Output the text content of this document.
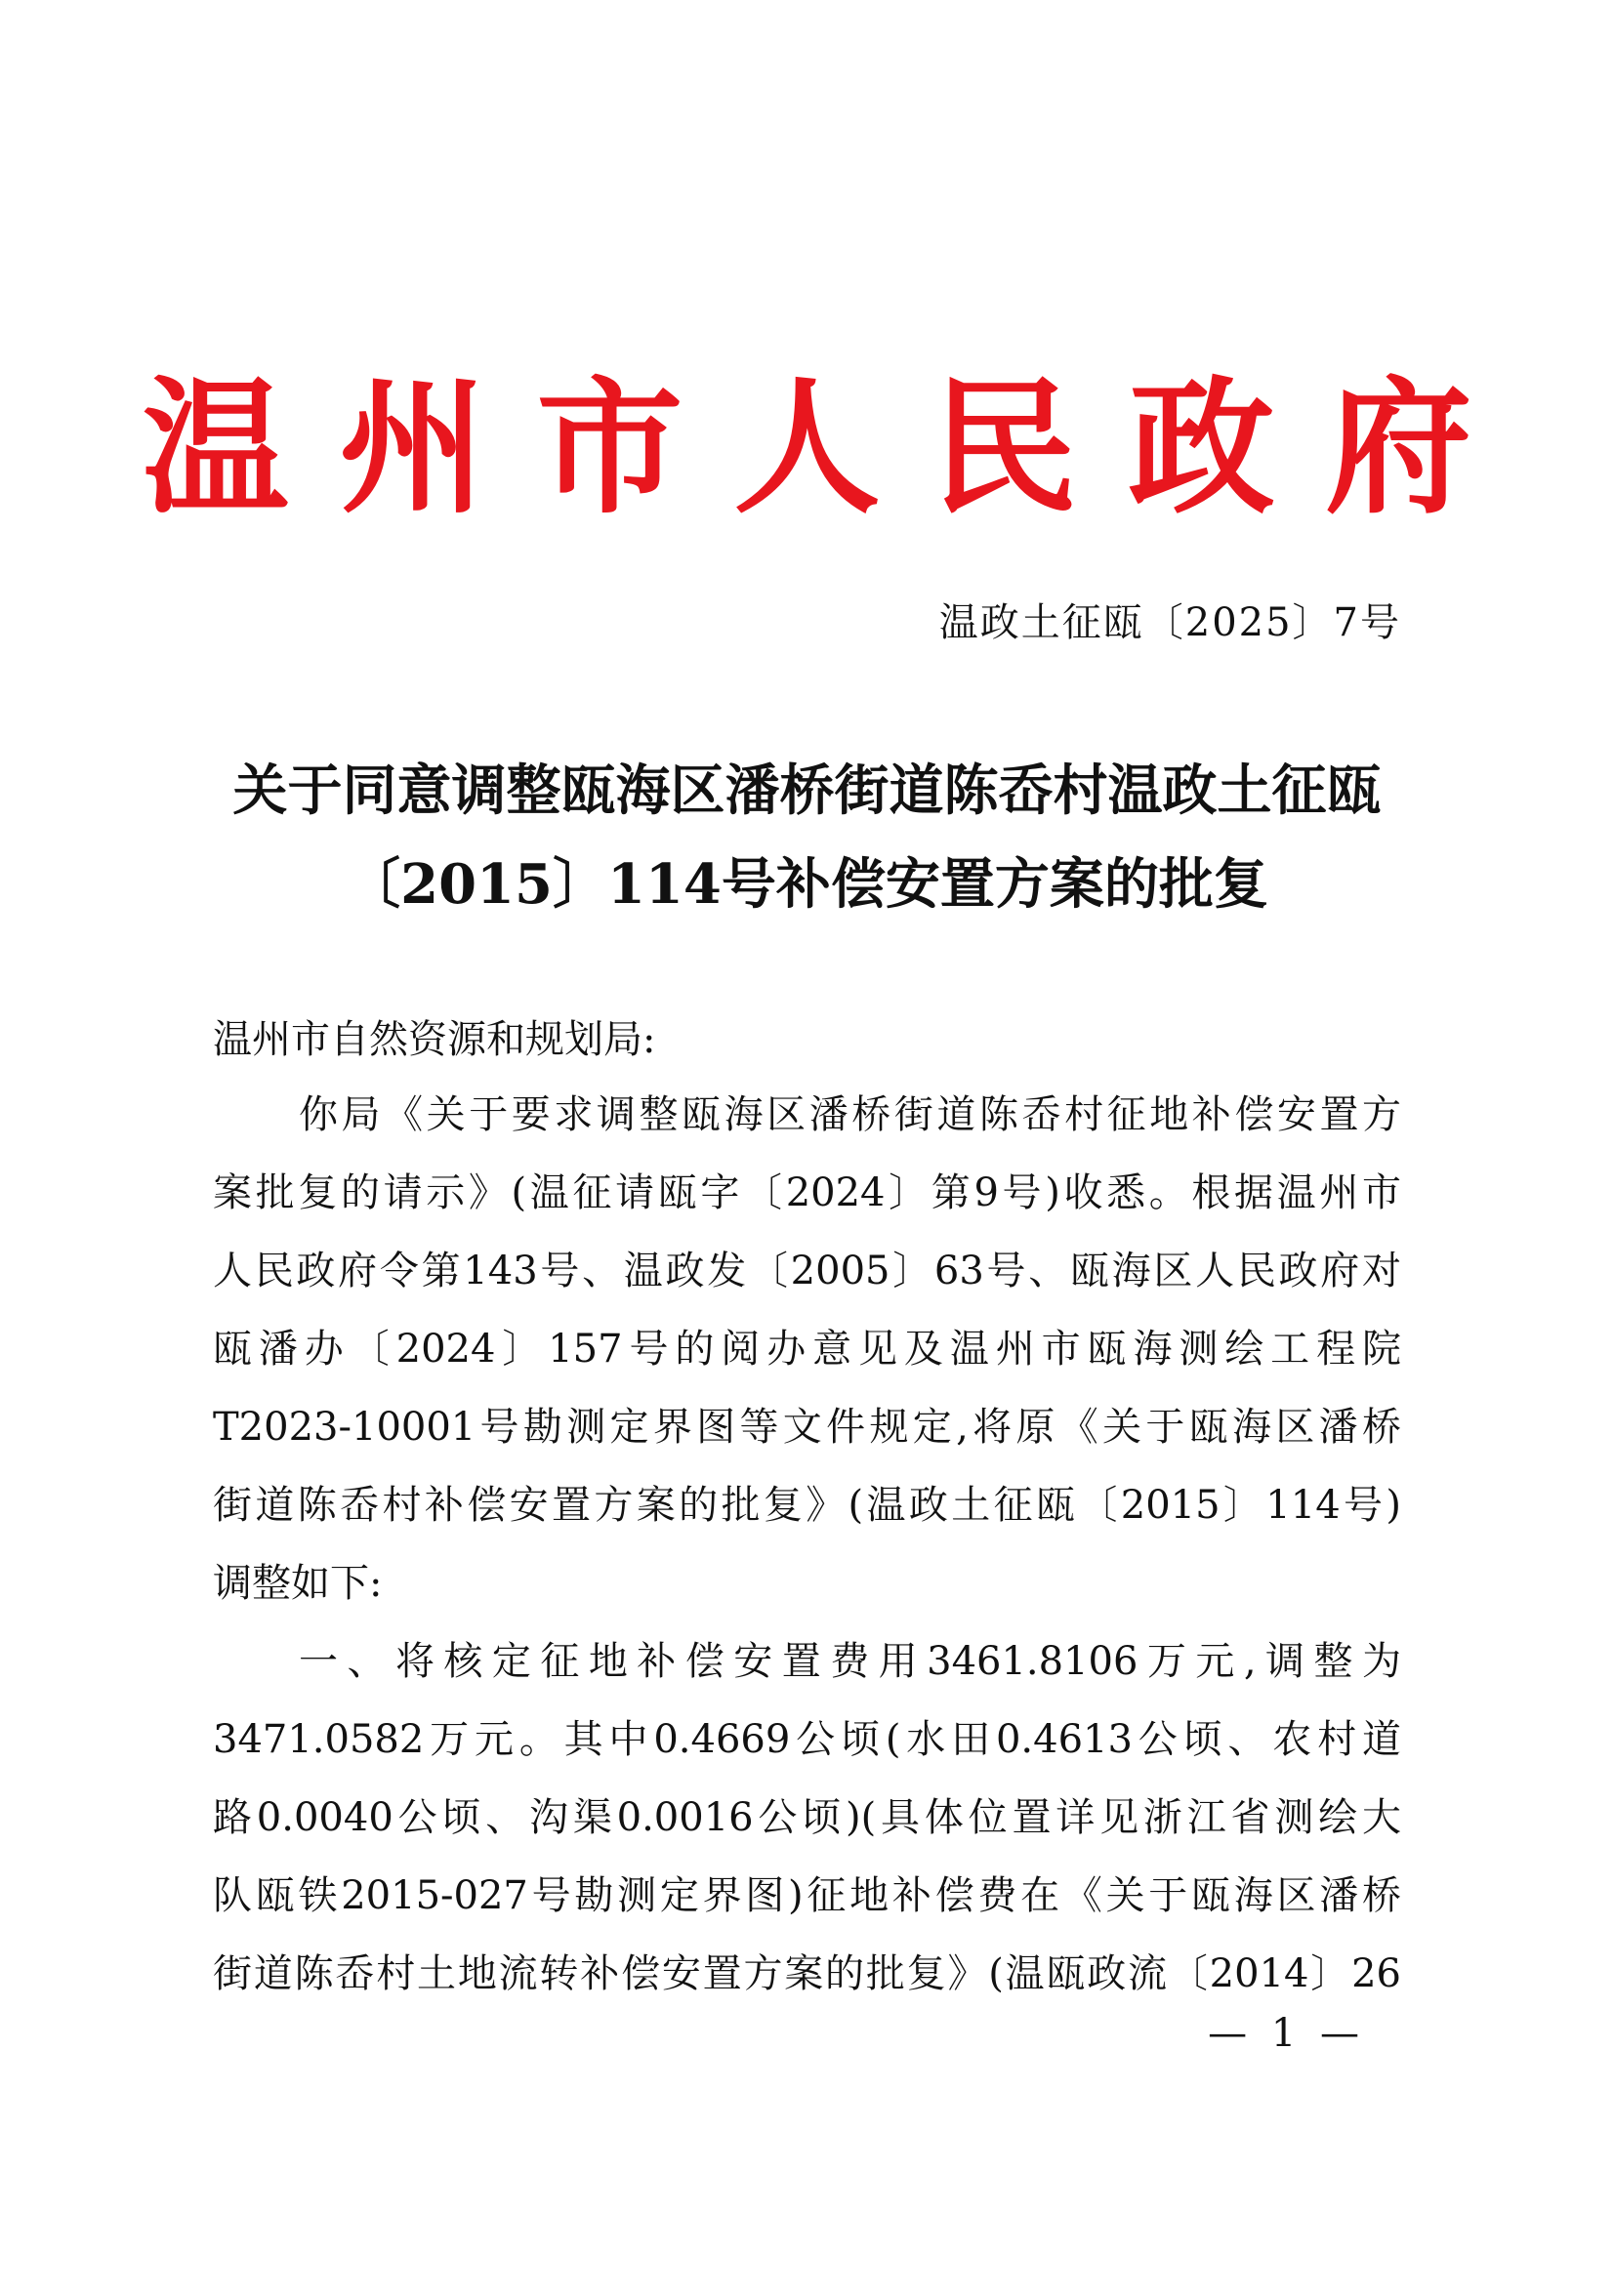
温州市人民政府
温政土征瓯〔2025〕7号
关于同意调整瓯海区潘桥街道陈岙村温政土征瓯
〔2015〕114号补偿安置方案的批复
温州市自然资源和规划局:
你局《关于要求调整瓯海区潘桥街道陈岙村征地补偿安置方
案批复的请示》(温征请瓯字〔2024〕第9号)收悉。根据温州市
人民政府令第143号、温政发〔2005〕63号、瓯海区人民政府对
瓯潘办〔2024〕157号的阅办意见及温州市瓯海测绘工程院
T2023-10001号勘测定界图等文件规定,将原《关于瓯海区潘桥
街道陈岙村补偿安置方案的批复》(温政土征瓯〔2015〕114号)
调整如下:
一、将核定征地补偿安置费用3461.8106万元,调整为
3471.0582万元。其中0.4669公顷(水田0.4613公顷、农村道
路0.0040公顷、沟渠0.0016公顷)(具体位置详见浙江省测绘大
队瓯铁2015-027号勘测定界图)征地补偿费在《关于瓯海区潘桥
街道陈岙村土地流转补偿安置方案的批复》(温瓯政流〔2014〕26
— 1 —
